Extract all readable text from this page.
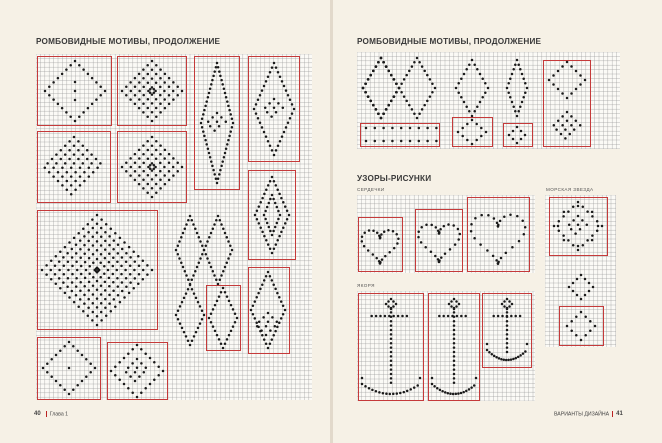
РОМБОВИДНЫЕ МОТИВЫ, ПРОДОЛЖЕНИЕ	РОМБОВИДНЫЕ МОТИВЫ, ПРОДОЛЖЕНИЕ
УЗОРЫ-РИСУНКИ
СЕРДЕЧКИ	МОРСКАЯ ЗВЕЗДА
ЯКОРЯ
40 Глава 1	ВАРИАНТЫ ДИЗАЙНА 41
